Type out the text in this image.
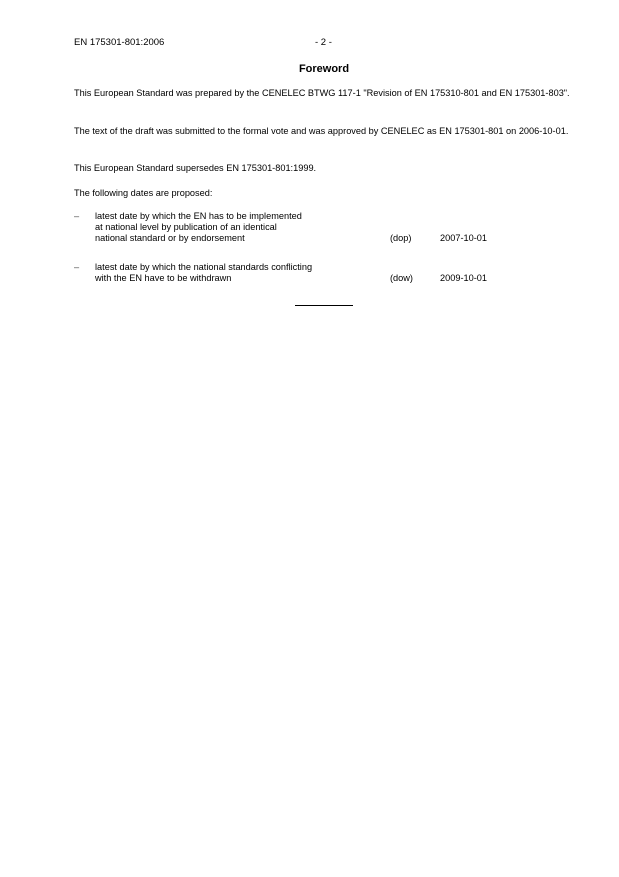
EN 175301-801:2006	- 2 -
Foreword
This European Standard was prepared by the CENELEC BTWG 117-1 "Revision of EN 175310-801 and EN 175301-803".
The text of the draft was submitted to the formal vote and was approved by CENELEC as EN 175301-801 on 2006-10-01.
This European Standard supersedes EN 175301-801:1999.
The following dates are proposed:
– latest date by which the EN has to be implemented
at national level by publication of an identical
national standard or by endorsement	(dop)	2007-10-01
– latest date by which the national standards conflicting
with the EN have to be withdrawn	(dow)	2009-10-01
